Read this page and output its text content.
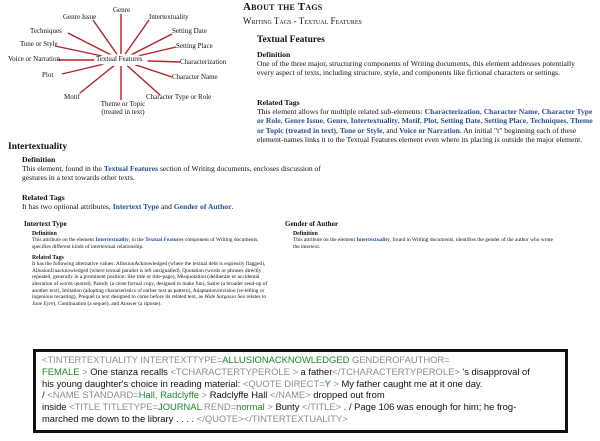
Genre
Genre Issue	Intertextuality
Techniques	Setting Date
Tone or Style	Setting Place
Voice or Narration	Textual Features	Characterization
Plot	Character Name
Motif	Character Type or Role
Theme or Topic
(treated in text)
About the Tags
Writing Tags - Textual Features
Textual Features
Definition
One of the three major, structuring components of Writing documents, this element addresses potentially every aspect of texts, including structure, style, and components like fictional characters or settings.
Related Tags
This element allows for multiple related sub-elements: Characterization, Character Name, Character Type or Role, Genre Issue, Genre, Intertextuality, Motif, Plot, Setting Date, Setting Place, Techniques, Theme or Topic (treated in text), Tone or Style, and Voice or Narration. An initial "t" beginning each of these element-names links it to the Textual Features element even where its placing is outside the major element.
Intertextuality
Definition
This element, found in the Textual Features section of Writing documents, encloses discussion of gestures in a text towards other texts.
Related Tags
It has two optional attributes, Intertext Type and Gender of Author.
Intertext Type
Definition
This attribute on the element Intertextuality, in the Textual Features component of Writing documents, specifies different kinds of intertextual relationship.
Related Tags
It has the following alternative values: AllusionAcknowledged (where the textual debt is expressly flagged), AllusionUnacknowledged (where textual parallel is left unsignalled), Quotation (words or phrases directly repeated, generally in a prominent position: like title or title-page), Misquotation (deliberate or accidental alteration of words quoted), Parody (a close formal copy, designed to make fun), Satire (a broader send-up of another text), Imitation (adopting characteristics of earlier text as pattern), Adaptation/revision (re-telling or ingenious recasting), Prequel (a text designed to come before its related text, as Wide Sargasso Sea relates to Jane Eyre), Continuation (a sequel), and Answer (a riposte).
Gender of Author
Definition
This attribute on the element Intertextuality, found in Writing documents, identifies the gender of the author who wrote the intertext.
<TINTERTEXTUALITY INTERTEXTTYPE=ALLUSIONACKNOWLEDGED GENDEROFAUTHOR=
FEMALE > One stanza recalls <TCHARACTERTYPEROLE > a father</TCHARACTERTYPEROLE> 's disapproval of
his young daughter's choice in reading material: <QUOTE DIRECT=Y > My father caught me at it one day.
/ <NAME STANDARD=Hall, Radclyffe > Radclyffe Hall </NAME> dropped out from
inside <TITLE TITLETYPE=JOURNAL REND=normal > Bunty </TITLE> . / Page 106 was enough for him; he frog-
marched me down to the library . . . . </QUOTE></TINTERTEXTUALITY>
